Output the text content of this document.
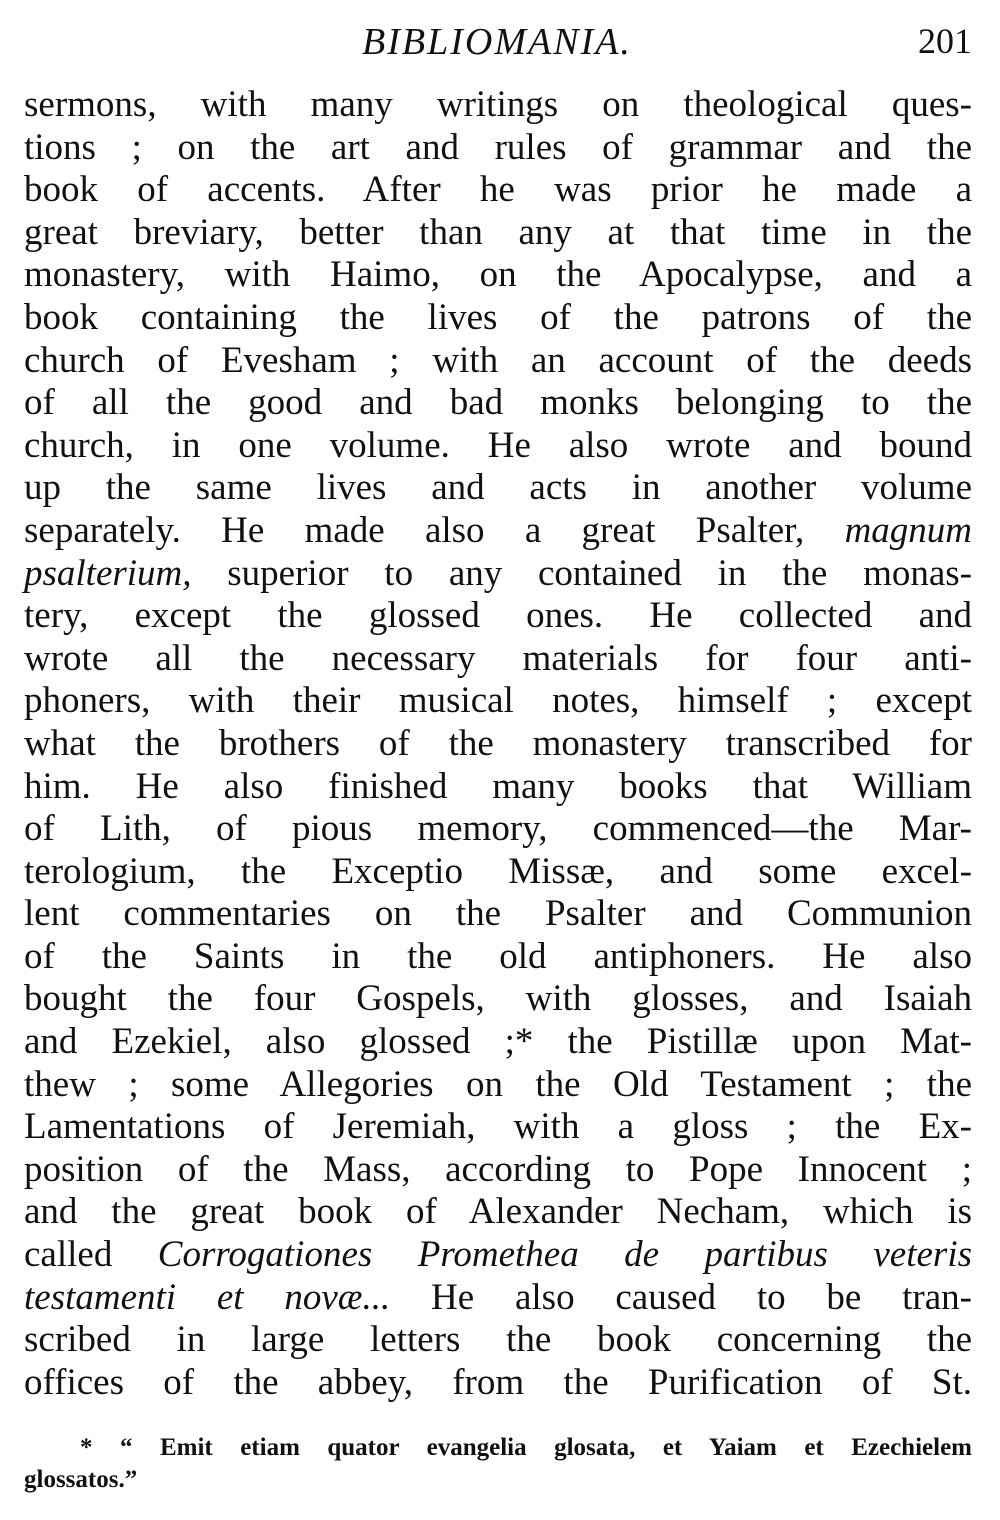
BIBLIOMANIA.	201
sermons, with many writings on theological ques-
tions ; on the art and rules of grammar and the
book of accents. After he was prior he made a
great breviary, better than any at that time in the
monastery, with Haimo, on the Apocalypse, and a
book containing the lives of the patrons of the
church of Evesham ; with an account of the deeds
of all the good and bad monks belonging to the
church, in one volume. He also wrote and bound
up the same lives and acts in another volume
separately. He made also a great Psalter, magnum
psalterium, superior to any contained in the monas-
tery, except the glossed ones. He collected and
wrote all the necessary materials for four anti-
phoners, with their musical notes, himself ; except
what the brothers of the monastery transcribed for
him. He also finished many books that William
of Lith, of pious memory, commenced—the Mar-
terologium, the Exceptio Missæ, and some excel-
lent commentaries on the Psalter and Communion
of the Saints in the old antiphoners. He also
bought the four Gospels, with glosses, and Isaiah
and Ezekiel, also glossed ;* the Pistillæ upon Mat-
thew ; some Allegories on the Old Testament ; the
Lamentations of Jeremiah, with a gloss ; the Ex-
position of the Mass, according to Pope Innocent ;
and the great book of Alexander Necham, which is
called Corrogationes Promethea de partibus veteris
testamenti et novæ... He also caused to be tran-
scribed in large letters the book concerning the
offices of the abbey, from the Purification of St.
* “ Emit etiam quator evangelia glosata, et Yaiam et Ezechielem
glossatos.”
